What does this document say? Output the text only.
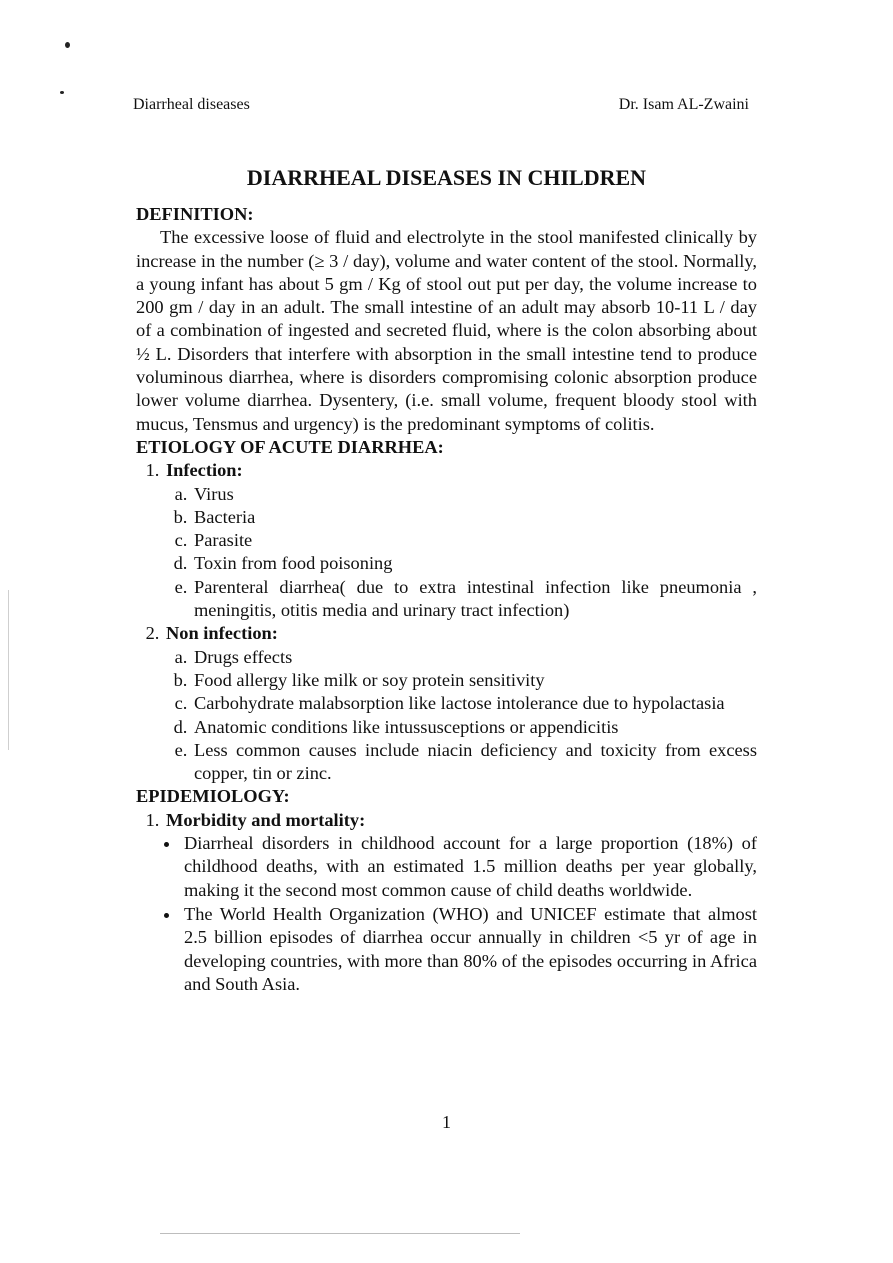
Diarrheal diseases	Dr. Isam AL-Zwaini
DIARRHEAL DISEASES IN CHILDREN

DEFINITION:

The excessive loose of fluid and electrolyte in the stool manifested clinically by increase in the number (≥ 3 / day), volume and water content of the stool. Normally, a young infant has about 5 gm / Kg of stool out put per day, the volume increase to 200 gm / day in an adult. The small intestine of an adult may absorb 10-11 L / day of a combination of ingested and secreted fluid, where is the colon absorbing about ½ L. Disorders that interfere with absorption in the small intestine tend to produce voluminous diarrhea, where is disorders compromising colonic absorption produce lower volume diarrhea. Dysentery, (i.e. small volume, frequent bloody stool with mucus, Tensmus and urgency) is the predominant symptoms of colitis.

ETIOLOGY OF ACUTE DIARRHEA:

1. Infection:
a. Virus
b. Bacteria
c. Parasite
d. Toxin from food poisoning
e. Parenteral diarrhea( due to extra intestinal infection like pneumonia , meningitis, otitis media and urinary tract infection)
2. Non infection:
a. Drugs effects
b. Food allergy like milk or soy protein sensitivity
c. Carbohydrate malabsorption like lactose intolerance due to hypolactasia
d. Anatomic conditions like intussusceptions or appendicitis
e. Less common causes include niacin deficiency and toxicity from excess copper, tin or zinc.

EPIDEMIOLOGY:

1. Morbidity and mortality:
• Diarrheal disorders in childhood account for a large proportion (18%) of childhood deaths, with an estimated 1.5 million deaths per year globally, making it the second most common cause of child deaths worldwide.
• The World Health Organization (WHO) and UNICEF estimate that almost 2.5 billion episodes of diarrhea occur annually in children <5 yr of age in developing countries, with more than 80% of the episodes occurring in Africa and South Asia.
1
